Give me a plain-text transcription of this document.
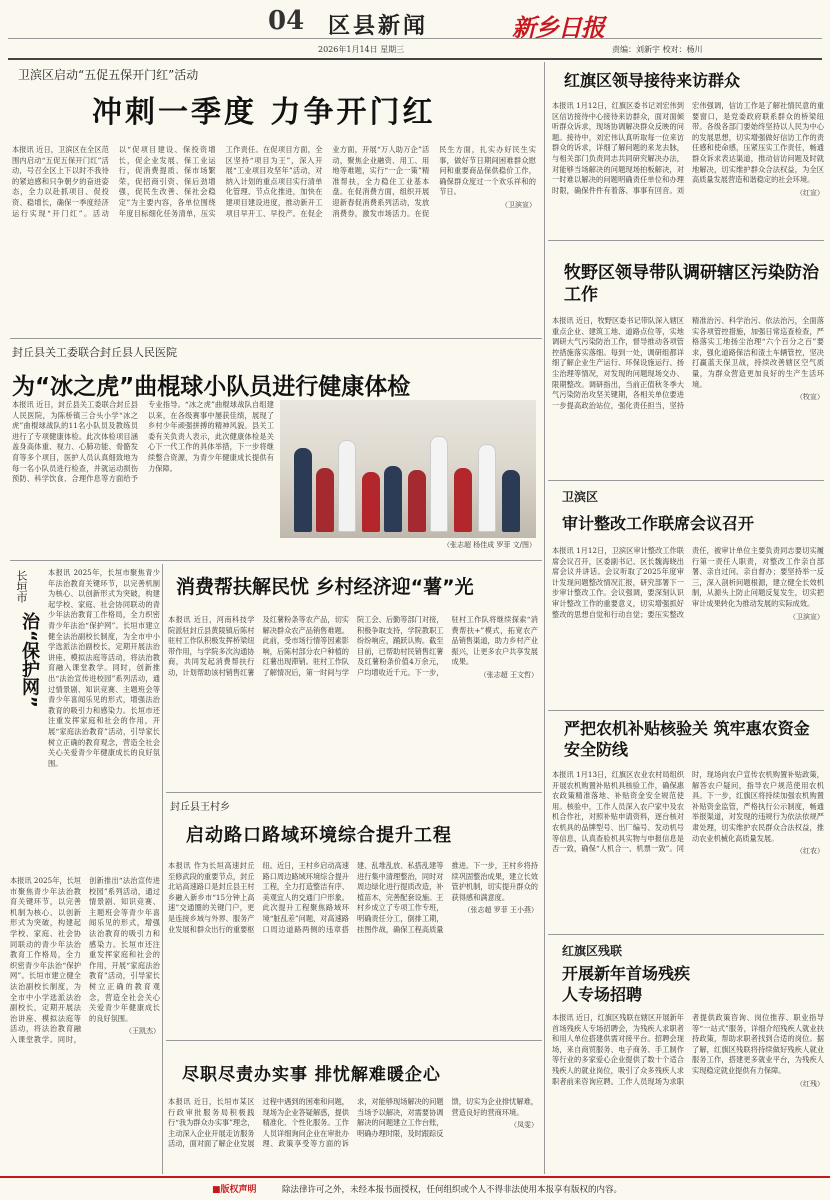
04 区县新闻
2026年1月14日 星期三
新乡日报
责编：刘新宇 校对：杨川
卫滨区启动“五促五保开门红”活动
冲刺一季度 力争开门红
本报讯 近日，卫滨区在全区范围内启动“五促五保开门红”活动，号召全区上下以时不我待的紧迫感和只争朝夕的奋进姿态，全力以赴抓项目、促投资、稳增长，确保一季度经济运行实现“开门红”。活动以“促项目建设、保投资增长，促企业发展、保工业运行，促消费提质、保市场繁荣，促招商引资、保后劲增强，促民生改善、保社会稳定”为主要内容，各单位围绕年度目标细化任务清单，压实工作责任。在促项目方面，全区坚持“项目为王”，深入开展“工业项目攻坚年”活动，对纳入计划的重点项目实行清单化管理、节点化推进，加快在建项目建设进度，推动新开工项目早开工、早投产。在促企业方面，开展“万人助万企”活动，聚焦企业融资、用工、用地等难题，实行“一企一策”精准帮扶，全力稳住工业基本盘。在促消费方面，组织开展迎新春促消费系列活动，发放消费券，激发市场活力。在促民生方面，扎实办好民生实事，做好节日期间困难群众慰问和重要商品保供稳价工作，确保群众度过一个欢乐祥和的节日。
（卫滨宣）
封丘县关工委联合封丘县人民医院
为“冰之虎”曲棍球小队员进行健康体检
本报讯 近日，封丘县关工委联合封丘县人民医院，为陈桥镇三合头小学“冰之虎”曲棍球战队的11名小队员及教练员进行了专项健康体检。此次体检项目涵盖身高体重、视力、心肺功能、骨骼发育等多个项目，医护人员认真细致地为每一名小队员进行检查，并就运动损伤预防、科学饮食、合理作息等方面给予专业指导。“冰之虎”曲棍球战队自组建以来，在各级赛事中屡获佳绩，展现了乡村少年顽强拼搏的精神风貌。县关工委有关负责人表示，此次健康体检是关心下一代工作的具体举措，下一步将继续整合资源，为青少年健康成长提供有力保障。
（张志超 杨佳成 罗菲 文/图）
长垣市
治“保护网”
本报讯 2025年，长垣市聚焦青少年法治教育关键环节，以完善机制为核心、以创新形式为突破，构建起学校、家庭、社会协同联动的青少年法治教育工作格局，全力织密青少年法治“保护网”。长垣市建立健全法治副校长制度，为全市中小学选派法治副校长，定期开展法治讲座、模拟法庭等活动，将法治教育融入课堂教学。同时，创新推出“法治宣传进校园”系列活动，通过情景剧、知识竞赛、主题班会等青少年喜闻乐见的形式，增强法治教育的吸引力和感染力。长垣市还注重发挥家庭和社会的作用，开展“家庭法治教育”活动，引导家长树立正确的教育观念，营造全社会关心关爱青少年健康成长的良好氛围。
本报讯 2025年，长垣市聚焦青少年法治教育关键环节，以完善机制为核心、以创新形式为突破，构建起学校、家庭、社会协同联动的青少年法治教育工作格局，全力织密青少年法治“保护网”。长垣市建立健全法治副校长制度，为全市中小学选派法治副校长，定期开展法治讲座、模拟法庭等活动，将法治教育融入课堂教学。同时，创新推出“法治宣传进校园”系列活动，通过情景剧、知识竞赛、主题班会等青少年喜闻乐见的形式，增强法治教育的吸引力和感染力。长垣市还注重发挥家庭和社会的作用，开展“家庭法治教育”活动，引导家长树立正确的教育观念，营造全社会关心关爱青少年健康成长的良好氛围。
（王凯杰）
消费帮扶解民忧 乡村经济迎“薯”光
本报讯 近日，河南科技学院派驻封丘县黄陵镇后陈村驻村工作队积极发挥桥梁纽带作用，与学院多次沟通协商，共同发起消费帮扶行动，计划帮助该村销售红薯及红薯粉条等农产品，切实解决群众农产品销售难题。此前，受市场行情等因素影响，后陈村部分农户种植的红薯出现滞销。驻村工作队了解情况后，第一时间与学院工会、后勤等部门对接，积极争取支持，学院教职工纷纷响应，踊跃认购。截至目前，已帮助村民销售红薯及红薯粉条价值4万余元，户均增收近千元。下一步，驻村工作队将继续探索“消费帮扶+”模式，拓宽农产品销售渠道，助力乡村产业振兴，让更多农户共享发展成果。
（张志超 王文哲）
封丘县王村乡
启动路口路域环境综合提升工程
本报讯 作为长垣高速封丘至修武段的重要节点，封丘北站高速路口是封丘县王村乡融入新乡市“15分钟上高速”交通圈的关键门户，更是连接乡域与外界、服务产业发展和群众出行的重要枢纽。近日，王村乡启动高速路口周边路域环境综合提升工程，全力打造整洁有序、美观宜人的交通门户形象。此次提升工程聚焦路域环境“脏乱差”问题，对高速路口周边道路两侧的违章搭建、乱堆乱放、私搭乱建等进行集中清理整治，同时对周边绿化进行提质改造，补植苗木，完善配套设施。王村乡成立了专项工作专班，明确责任分工，倒排工期，挂图作战，确保工程高质量推进。下一步，王村乡将持续巩固整治成果，建立长效管护机制，切实提升群众的获得感和满意度。
（张志超 罗菲 王小燕）
尽职尽责办实事 排忧解难暖企心
本报讯 近日，长垣市某区行政审批服务局积极践行“我为群众办实事”理念，主动深入企业开展走访服务活动，面对面了解企业发展过程中遇到的困难和问题，现场为企业答疑解惑，提供精准化、个性化服务。工作人员详细询问企业在审批办理、政策享受等方面的诉求，对能够现场解决的问题当场予以解决，对需要协调解决的问题建立工作台账，明确办理时限，及时跟踪反馈，切实为企业排忧解难，营造良好的营商环境。
（凤雯）
红旗区领导接待来访群众
本报讯 1月12日，红旗区委书记刘宏伟到区信访接待中心接待来访群众，面对面倾听群众诉求，现场协调解决群众反映的问题。接待中，刘宏伟认真听取每一位来访群众的诉求，详细了解问题的来龙去脉，与相关部门负责同志共同研究解决办法，对能够当场解决的问题现场拍板解决，对一时难以解决的问题明确责任单位和办理时限，确保件件有着落、事事有回音。刘宏伟强调，信访工作是了解社情民意的重要窗口，是党委政府联系群众的桥梁纽带。各级各部门要始终坚持以人民为中心的发展思想，切实增强做好信访工作的责任感和使命感，压紧压实工作责任，畅通群众诉求表达渠道，推动信访问题及时就地解决，切实维护群众合法权益，为全区高质量发展营造和谐稳定的社会环境。
（红宣）
牧野区领导带队调研辖区污染防治工作
本报讯 近日，牧野区委书记带队深入辖区重点企业、建筑工地、道路点位等，实地调研大气污染防治工作，督导推动各项管控措施落实落细。每到一处，调研组都详细了解企业生产运行、环保设施运行、扬尘治理等情况，对发现的问题现场交办、限期整改。调研指出，当前正值秋冬季大气污染防治攻坚关键期，各相关单位要进一步提高政治站位，强化责任担当，坚持精准治污、科学治污、依法治污，全面落实各项管控措施，加强日常巡查检查，严格落实工地扬尘治理“六个百分之百”要求，强化道路保洁和渣土车辆管控，坚决打赢蓝天保卫战，持续改善辖区空气质量，为群众营造更加良好的生产生活环境。
（牧宣）
卫滨区
审计整改工作联席会议召开
本报讯 1月12日，卫滨区审计整改工作联席会议召开，区委副书记、区长魏海晓出席会议并讲话。会议听取了2025年度审计发现问题整改情况汇报，研究部署下一步审计整改工作。会议强调，要深刻认识审计整改工作的重要意义，切实增强抓好整改的思想自觉和行动自觉；要压实整改责任，被审计单位主要负责同志要切实履行第一责任人职责，对整改工作亲自部署、亲自过问、亲自督办；要坚持举一反三，深入剖析问题根源，建立健全长效机制，从源头上防止问题反复发生，切实把审计成果转化为推动发展的实际成效。
（卫滨宣）
严把农机补贴核验关 筑牢惠农资金安全防线
本报讯 1月13日，红旗区农业农村局组织开展农机购置补贴机具核验工作，确保惠农政策精准落地、补贴资金安全规范使用。核验中，工作人员深入农户家中及农机合作社，对照补贴申请资料，逐台核对农机具的品牌型号、出厂编号、发动机号等信息，认真查验机具实物与申报信息是否一致，确保“人机合一、机票一致”。同时，现场向农户宣传农机购置补贴政策，解答农户疑问，指导农户规范使用农机具。下一步，红旗区将持续加强农机购置补贴资金监管，严格执行公示制度，畅通举报渠道，对发现的违规行为依法依规严肃处理，切实维护农民群众合法权益，推动农业机械化高质量发展。
（红农）
红旗区残联
开展新年首场残疾人专场招聘
本报讯 近日，红旗区残联在辖区开展新年首场残疾人专场招聘会，为残疾人求职者和用人单位搭建供需对接平台。招聘会现场，来自商贸服务、电子商务、手工制作等行业的多家爱心企业提供了数十个适合残疾人的就业岗位，吸引了众多残疾人求职者前来咨询应聘。工作人员现场为求职者提供政策咨询、岗位推荐、职业指导等“一站式”服务，详细介绍残疾人就业扶持政策，帮助求职者找到合适的岗位。据了解，红旗区残联将持续做好残疾人就业服务工作，搭建更多就业平台，为残疾人实现稳定就业提供有力保障。
（红残）
■版权声明	除法律许可之外，未经本报书面授权，任何组织或个人不得非法使用本报享有版权的内容。
